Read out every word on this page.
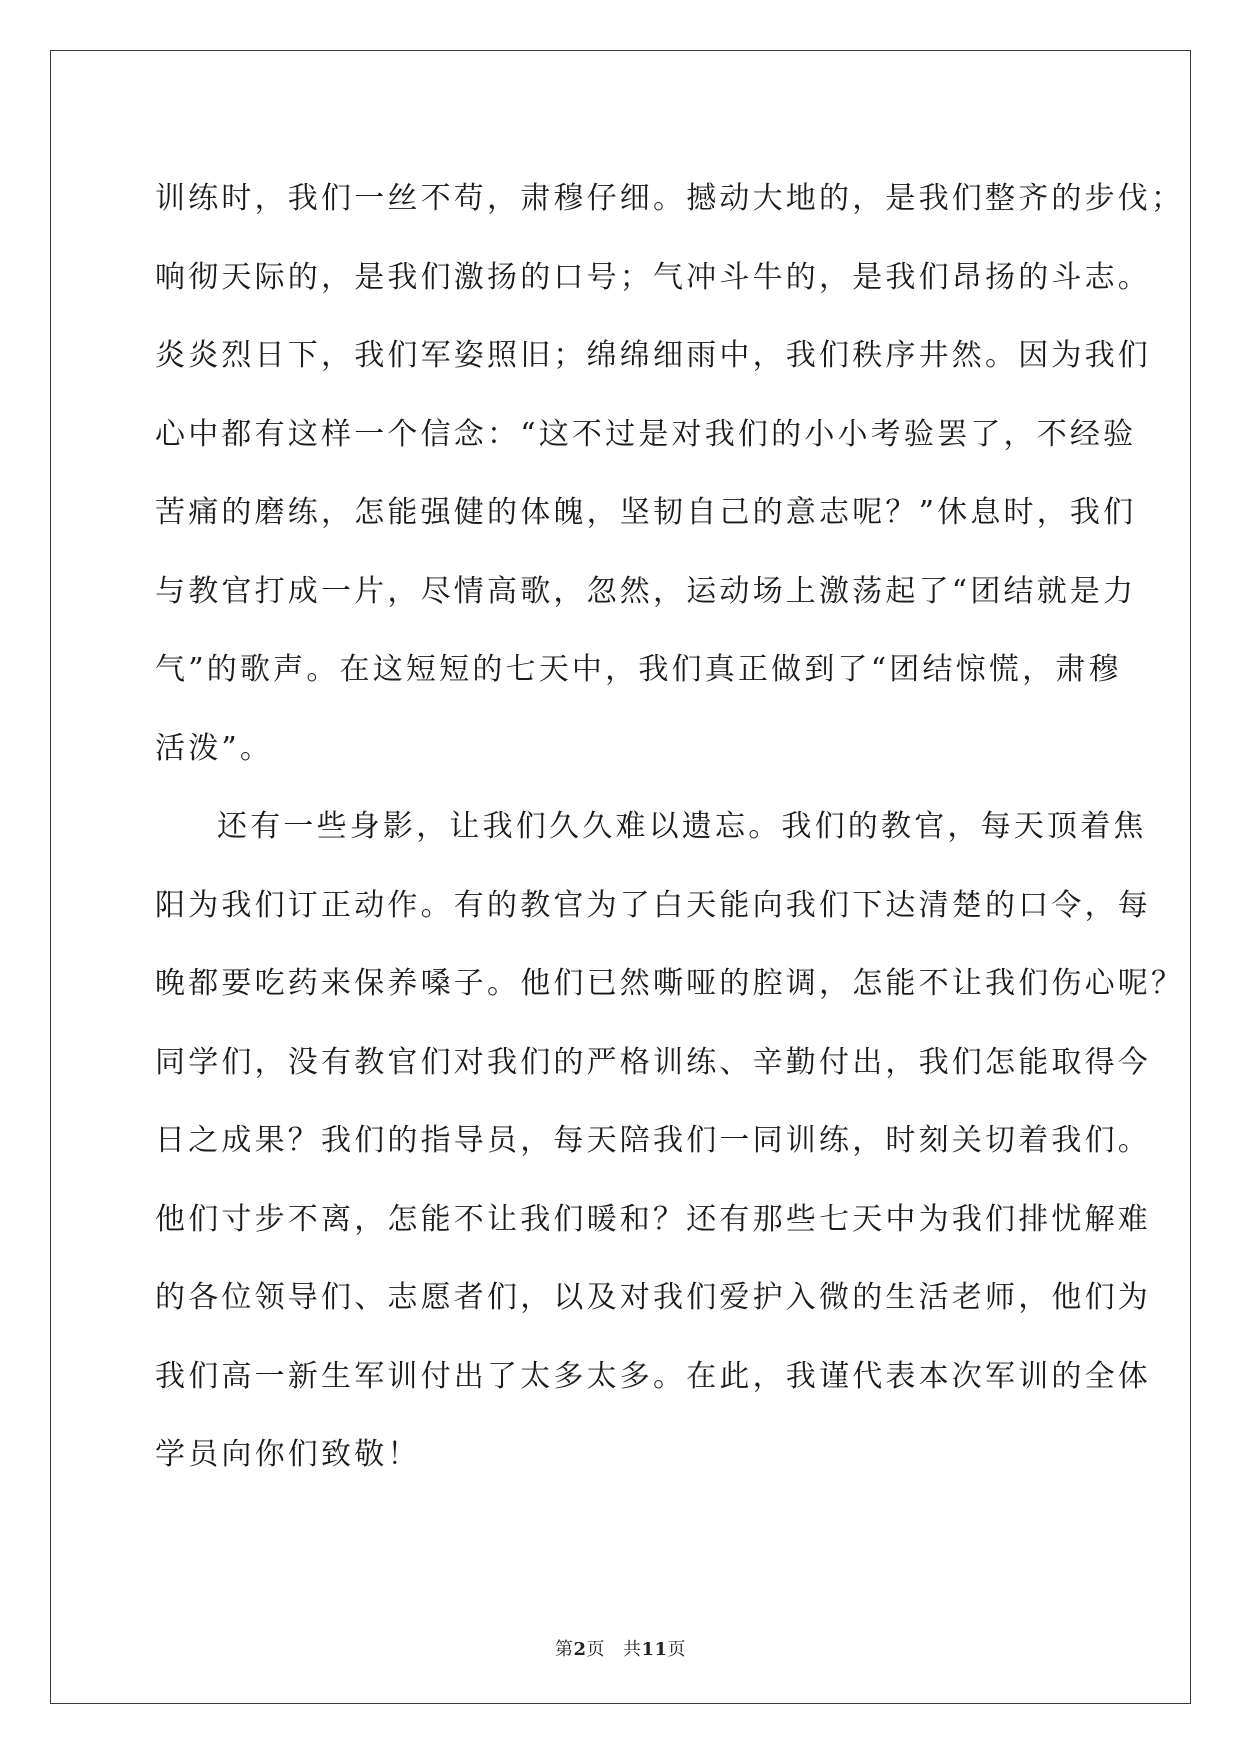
训练时，我们一丝不苟，肃穆仔细。撼动大地的，是我们整齐的步伐；
响彻天际的，是我们激扬的口号；气冲斗牛的，是我们昂扬的斗志。
炎炎烈日下，我们军姿照旧；绵绵细雨中，我们秩序井然。因为我们
心中都有这样一个信念：“这不过是对我们的小小考验罢了，不经验
苦痛的磨练，怎能强健的体魄，坚韧自己的意志呢？”休息时，我们
与教官打成一片，尽情高歌，忽然，运动场上激荡起了“团结就是力
气”的歌声。在这短短的七天中，我们真正做到了“团结惊慌，肃穆
活泼”。

还有一些身影，让我们久久难以遗忘。我们的教官，每天顶着焦
阳为我们订正动作。有的教官为了白天能向我们下达清楚的口令，每
晚都要吃药来保养嗓子。他们已然嘶哑的腔调，怎能不让我们伤心呢？
同学们，没有教官们对我们的严格训练、辛勤付出，我们怎能取得今
日之成果？我们的指导员，每天陪我们一同训练，时刻关切着我们。
他们寸步不离，怎能不让我们暖和？还有那些七天中为我们排忧解难
的各位领导们、志愿者们，以及对我们爱护入微的生活老师，他们为
我们高一新生军训付出了太多太多。在此，我谨代表本次军训的全体
学员向你们致敬！

第2页 共11页
